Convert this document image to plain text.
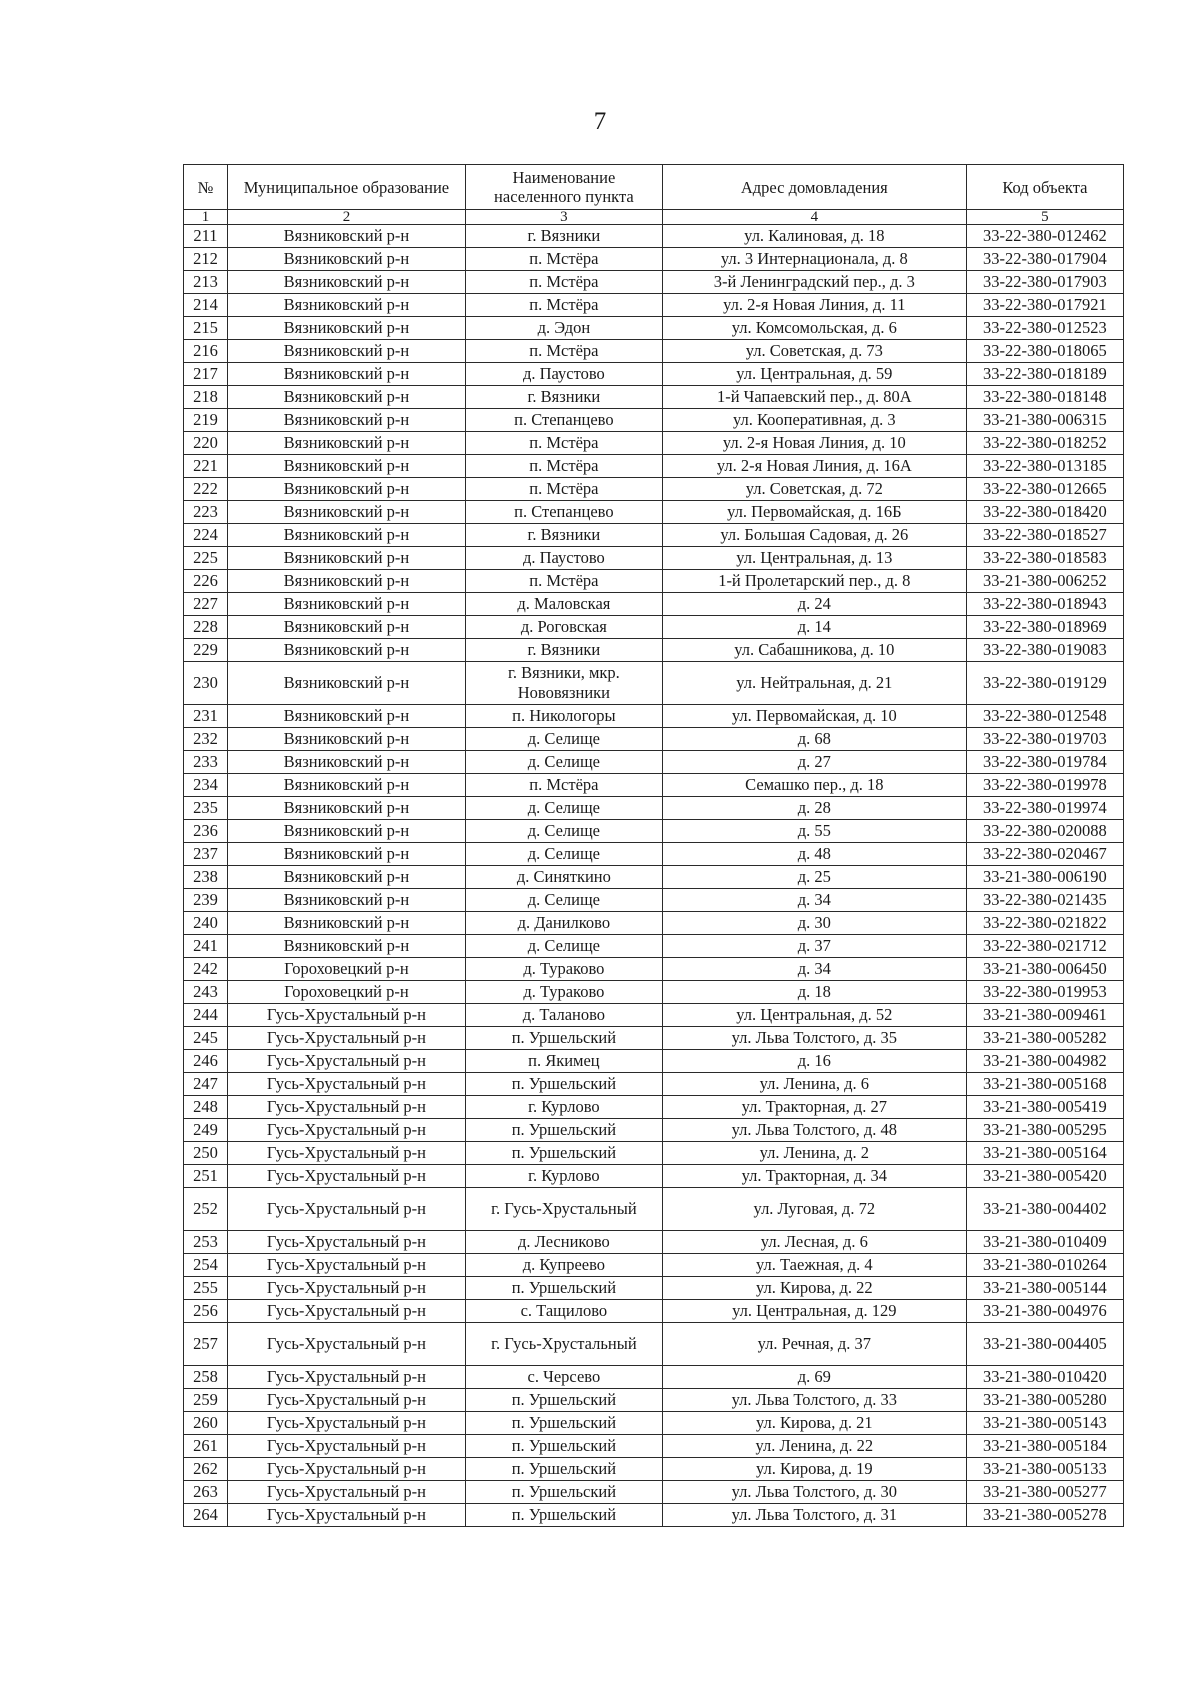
7
№	Муниципальное образование	Наименование населенного пункта	Адрес домовладения	Код объекта
1	2	3	4	5
211	Вязниковский р-н	г. Вязники	ул. Калиновая, д. 18	33-22-380-012462
212	Вязниковский р-н	п. Мстёра	ул. 3 Интернационала, д. 8	33-22-380-017904
213	Вязниковский р-н	п. Мстёра	3-й Ленинградский пер., д. 3	33-22-380-017903
214	Вязниковский р-н	п. Мстёра	ул. 2-я Новая Линия, д. 11	33-22-380-017921
215	Вязниковский р-н	д. Эдон	ул. Комсомольская, д. 6	33-22-380-012523
216	Вязниковский р-н	п. Мстёра	ул. Советская, д. 73	33-22-380-018065
217	Вязниковский р-н	д. Паустово	ул. Центральная, д. 59	33-22-380-018189
218	Вязниковский р-н	г. Вязники	1-й Чапаевский пер., д. 80А	33-22-380-018148
219	Вязниковский р-н	п. Степанцево	ул. Кооперативная, д. 3	33-21-380-006315
220	Вязниковский р-н	п. Мстёра	ул. 2-я Новая Линия, д. 10	33-22-380-018252
221	Вязниковский р-н	п. Мстёра	ул. 2-я Новая Линия, д. 16А	33-22-380-013185
222	Вязниковский р-н	п. Мстёра	ул. Советская, д. 72	33-22-380-012665
223	Вязниковский р-н	п. Степанцево	ул. Первомайская, д. 16Б	33-22-380-018420
224	Вязниковский р-н	г. Вязники	ул. Большая Садовая, д. 26	33-22-380-018527
225	Вязниковский р-н	д. Паустово	ул. Центральная, д. 13	33-22-380-018583
226	Вязниковский р-н	п. Мстёра	1-й Пролетарский пер., д. 8	33-21-380-006252
227	Вязниковский р-н	д. Маловская	д. 24	33-22-380-018943
228	Вязниковский р-н	д. Роговская	д. 14	33-22-380-018969
229	Вязниковский р-н	г. Вязники	ул. Сабашникова, д. 10	33-22-380-019083
230	Вязниковский р-н	г. Вязники, мкр. Нововязники	ул. Нейтральная, д. 21	33-22-380-019129
231	Вязниковский р-н	п. Никологоры	ул. Первомайская, д. 10	33-22-380-012548
232	Вязниковский р-н	д. Селище	д. 68	33-22-380-019703
233	Вязниковский р-н	д. Селище	д. 27	33-22-380-019784
234	Вязниковский р-н	п. Мстёра	Семашко пер., д. 18	33-22-380-019978
235	Вязниковский р-н	д. Селище	д. 28	33-22-380-019974
236	Вязниковский р-н	д. Селище	д. 55	33-22-380-020088
237	Вязниковский р-н	д. Селище	д. 48	33-22-380-020467
238	Вязниковский р-н	д. Синяткино	д. 25	33-21-380-006190
239	Вязниковский р-н	д. Селище	д. 34	33-22-380-021435
240	Вязниковский р-н	д. Данилково	д. 30	33-22-380-021822
241	Вязниковский р-н	д. Селище	д. 37	33-22-380-021712
242	Гороховецкий р-н	д. Тураково	д. 34	33-21-380-006450
243	Гороховецкий р-н	д. Тураково	д. 18	33-22-380-019953
244	Гусь-Хрустальный р-н	д. Таланово	ул. Центральная, д. 52	33-21-380-009461
245	Гусь-Хрустальный р-н	п. Уршельский	ул. Льва Толстого, д. 35	33-21-380-005282
246	Гусь-Хрустальный р-н	п. Якимец	д. 16	33-21-380-004982
247	Гусь-Хрустальный р-н	п. Уршельский	ул. Ленина, д. 6	33-21-380-005168
248	Гусь-Хрустальный р-н	г. Курлово	ул. Тракторная, д. 27	33-21-380-005419
249	Гусь-Хрустальный р-н	п. Уршельский	ул. Льва Толстого, д. 48	33-21-380-005295
250	Гусь-Хрустальный р-н	п. Уршельский	ул. Ленина, д. 2	33-21-380-005164
251	Гусь-Хрустальный р-н	г. Курлово	ул. Тракторная, д. 34	33-21-380-005420
252	Гусь-Хрустальный р-н	г. Гусь-Хрустальный	ул. Луговая, д. 72	33-21-380-004402
253	Гусь-Хрустальный р-н	д. Лесниково	ул. Лесная, д. 6	33-21-380-010409
254	Гусь-Хрустальный р-н	д. Купреево	ул. Таежная, д. 4	33-21-380-010264
255	Гусь-Хрустальный р-н	п. Уршельский	ул. Кирова, д. 22	33-21-380-005144
256	Гусь-Хрустальный р-н	с. Тащилово	ул. Центральная, д. 129	33-21-380-004976
257	Гусь-Хрустальный р-н	г. Гусь-Хрустальный	ул. Речная, д. 37	33-21-380-004405
258	Гусь-Хрустальный р-н	с. Черсево	д. 69	33-21-380-010420
259	Гусь-Хрустальный р-н	п. Уршельский	ул. Льва Толстого, д. 33	33-21-380-005280
260	Гусь-Хрустальный р-н	п. Уршельский	ул. Кирова, д. 21	33-21-380-005143
261	Гусь-Хрустальный р-н	п. Уршельский	ул. Ленина, д. 22	33-21-380-005184
262	Гусь-Хрустальный р-н	п. Уршельский	ул. Кирова, д. 19	33-21-380-005133
263	Гусь-Хрустальный р-н	п. Уршельский	ул. Льва Толстого, д. 30	33-21-380-005277
264	Гусь-Хрустальный р-н	п. Уршельский	ул. Льва Толстого, д. 31	33-21-380-005278
